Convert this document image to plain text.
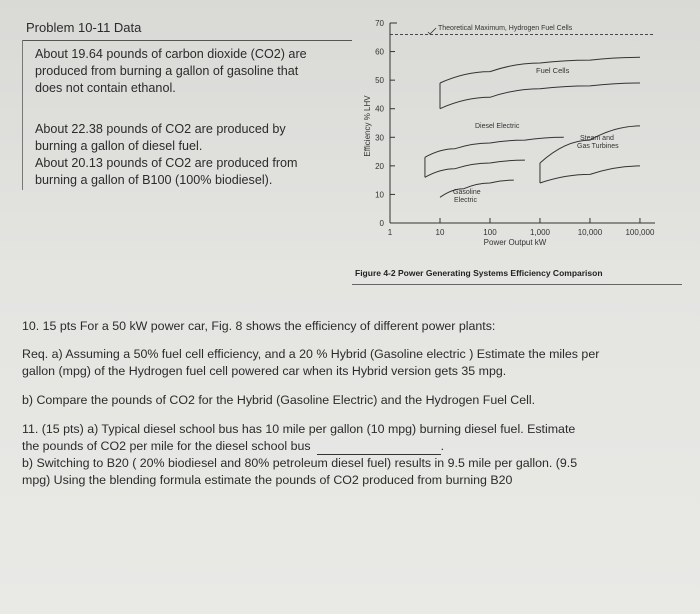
Problem 10-11 Data
About 19.64 pounds of carbon dioxide (CO2) are
produced from burning a gallon of gasoline that
does not contain ethanol.
About 22.38 pounds of CO2 are produced by
burning a gallon of diesel fuel.
About 20.13 pounds of CO2 are produced from
burning a gallon of B100 (100% biodiesel).
0
10
20
30
40
50
60
70
1	10	100	1,000	10,000	100,000
Efficiency % LHV
Power Output kW
Theoretical Maximum, Hydrogen Fuel Cells
Fuel Cells
Diesel Electric
Steam and
Gas Turbines
Gasoline
Electric
Figure 4-2 Power Generating Systems Efficiency Comparison
10. 15 pts For a 50 kW power car, Fig. 8 shows the efficiency of different power plants:
Req. a) Assuming a 50% fuel cell efficiency, and a 20 % Hybrid (Gasoline electric ) Estimate the miles per
gallon (mpg) of the Hydrogen fuel cell powered car when its Hybrid version gets 35 mpg.
b) Compare the pounds of CO2 for the Hybrid (Gasoline Electric) and the Hydrogen Fuel Cell.
11. (15 pts) a) Typical diesel school bus has 10 mile per gallon (10 mpg) burning diesel fuel. Estimate
the pounds of CO2 per mile for the diesel school bus	.
b) Switching to B20 ( 20% biodiesel and 80% petroleum diesel fuel) results in 9.5 mile per gallon. (9.5
mpg) Using the blending formula estimate the pounds of CO2 produced from burning B20
